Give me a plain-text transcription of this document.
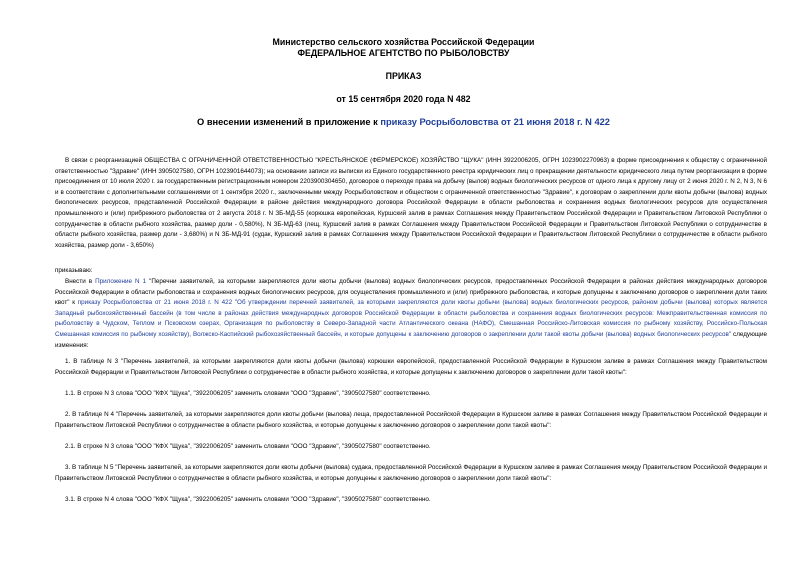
Министерство сельского хозяйства Российской Федерации
ФЕДЕРАЛЬНОЕ АГЕНТСТВО ПО РЫБОЛОВСТВУ
ПРИКАЗ
от 15 сентября 2020 года N 482
О внесении изменений в приложение к приказу Росрыболовства от 21 июня 2018 г. N 422
В связи с реорганизацией ОБЩЕСТВА С ОГРАНИЧЕННОЙ ОТВЕТСТВЕННОСТЬЮ "КРЕСТЬЯНСКОЕ (ФЕРМЕРСКОЕ) ХОЗЯЙСТВО "ЩУКА" (ИНН 3922006205, ОГРН 1023902270963) в форме присоединения к обществу с ограниченной ответственностью "Здравие" (ИНН 3905027580, ОГРН 1023901644073); на основании записи из выписки из Единого государственного реестра юридических лиц о прекращении деятельности юридического лица путем реорганизации в форме присоединения от 10 июля 2020 г. за государственным регистрационным номером 2203900304650, договоров о переходе права на добычу (вылов) водных биологических ресурсов от одного лица к другому лицу от 2 июня 2020 г. N 2, N 3, N 6 и в соответствии с дополнительными соглашениями от 1 сентября 2020 г., заключенными между Росрыболовством и обществом с ограниченной ответственностью "Здравие", к договорам о закреплении доли квоты добычи (вылова) водных биологических ресурсов, представленной Российской Федерации в районе действия международного договора Российской Федерации в области рыболовства и сохранения водных биологических ресурсов для осуществления промышленного и (или) прибрежного рыболовства от 2 августа 2018 г. N ЗБ-МД-55 (корюшка европейская, Куршский залив в рамках Соглашения между Правительством Российской Федерации и Правительством Литовской Республики о сотрудничестве в области рыбного хозяйства, размер доли - 0,580%), N ЗБ-МД-63 (лещ, Куршский залив в рамках Соглашения между Правительством Российской Федерации и Правительством Литовской Республики о сотрудничестве в области рыбного хозяйства, размер доли - 3,680%) и N ЗБ-МД-91 (судак, Куршский залив в рамках Соглашения между Правительством Российской Федерации и Правительством Литовской Республики о сотрудничестве в области рыбного хозяйства, размер доли - 3,650%)
приказываю:
Внести в Приложение N 1 "Перечни заявителей, за которыми закрепляются доли квоты добычи (вылова) водных биологических ресурсов, предоставленных Российской Федерации в районах действия международных договоров Российской Федерации в области рыболовства и сохранения водных биологических ресурсов, для осуществления промышленного и (или) прибрежного рыболовства, и которые допущены к заключению договоров о закреплении доли таких квот" к приказу Росрыболовства от 21 июня 2018 г. N 422 "Об утверждении перечней заявителей, за которыми закрепляются доли квоты добычи (вылова) водных биологических ресурсов, районом добычи (вылова) которых является Западный рыбохозяйственный бассейн (в том числе в районах действия международных договоров Российской Федерации в области рыболовства и сохранения водных биологических ресурсов: Межправительственная комиссия по рыболовству в Чудском, Теплом и Псковском озерах, Организация по рыболовству в Северо-Западной части Атлантического океана (НАФО), Смешанная Российско-Литовская комиссия по рыбному хозяйству, Российско-Польская Смешанная комиссия по рыбному хозяйству), Волжско-Каспийский рыбохозяйственный бассейн, и которые допущены к заключению договоров о закреплении доли такой квоты добычи (вылова) водных биологических ресурсов" следующие изменения:
1. В таблице N 3 "Перечень заявителей, за которыми закрепляются доли квоты добычи (вылова) корюшки европейской, предоставленной Российской Федерации в Куршском заливе в рамках Соглашения между Правительством Российской Федерации и Правительством Литовской Республики о сотрудничестве в области рыбного хозяйства, и которые допущены к заключению договоров о закреплении доли такой квоты":
1.1. В строке N 3 слова "ООО "КФХ "Щука", "3922006205" заменить словами "ООО "Здравие", "3905027580" соответственно.
2. В таблице N 4 "Перечень заявителей, за которыми закрепляются доли квоты добычи (вылова) леща, предоставленной Российской Федерации в Куршском заливе в рамках Соглашения между Правительством Российской Федерации и Правительством Литовской Республики о сотрудничестве в области рыбного хозяйства, и которые допущены к заключению договоров о закреплении доли такой квоты":
2.1. В строке N 3 слова "ООО "КФХ "Щука", "3922006205" заменить словами "ООО "Здравие", "3905027580" соответственно.
3. В таблице N 5 "Перечень заявителей, за которыми закрепляются доли квоты добычи (вылова) судака, предоставленной Российской Федерации в Куршском заливе в рамках Соглашения между Правительством Российской Федерации и Правительством Литовской Республики о сотрудничестве в области рыбного хозяйства, и которые допущены к заключению договоров о закреплении доли такой квоты":
3.1. В строке N 4 слова "ООО "КФХ "Щука", "3922006205" заменить словами "ООО "Здравие", "3905027580" соответственно.
